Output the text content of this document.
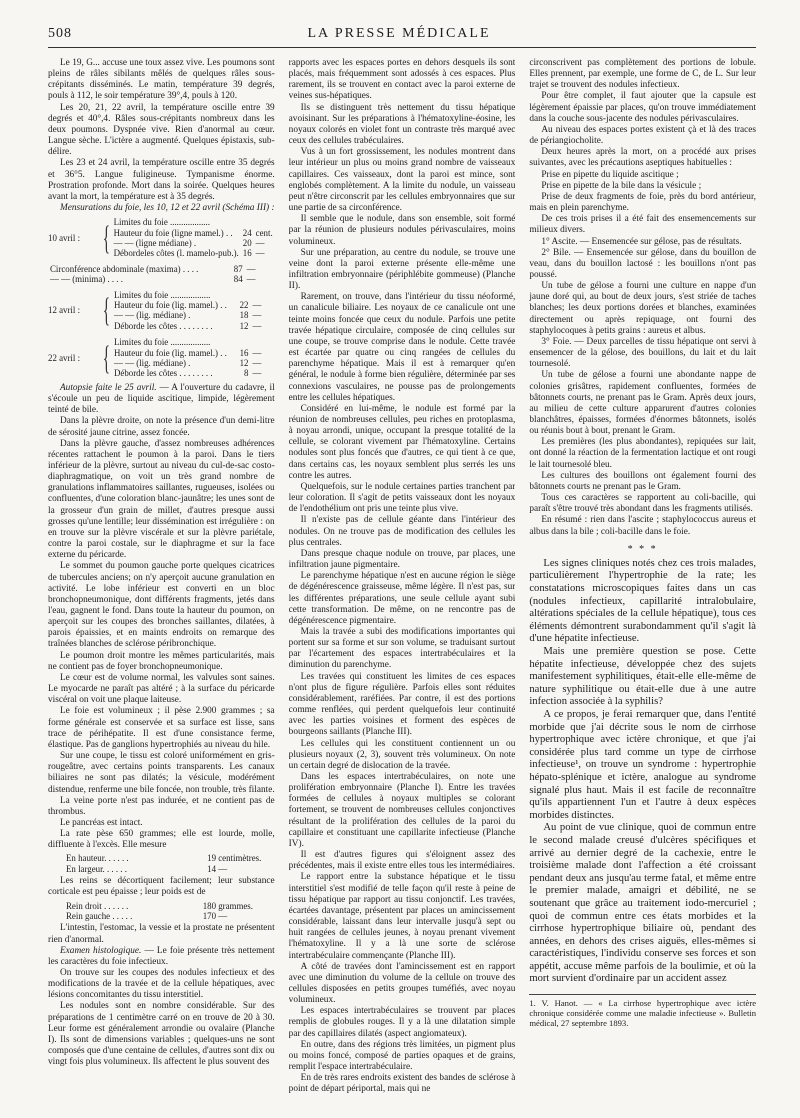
508	LA PRESSE MÉDICALE

Le 19, G... accuse une toux assez vive. Les poumons sont pleins de râles sibilants mêlés de quelques râles sous-crépitants disséminés. Le matin, température 39 degrés, pouls à 112, le soir température 39°,4, pouls à 120.

Les 20, 21, 22 avril, la température oscille entre 39 degrés et 40°,4. Râles sous-crépitants nombreux dans les deux poumons. Dyspnée vive. Rien d'anormal au cœur. Langue sèche. L'ictère a augmenté. Quelques épistaxis, sub-délire.

Les 23 et 24 avril, la température oscille entre 35 degrés et 36°5. Langue fuligineuse. Tympanisme énorme. Prostration profonde. Mort dans la soirée. Quelques heures avant la mort, la température est à 35 degrés.

Mensurations du foie, les 10, 12 et 22 avril (Schéma III) :

10 avril : { Limites du foie ..................		
Hauteur du foie (ligne mamel.) . .	24	cent.
— — (ligne médiane) .	20	—
Débordeles côtes (l. mamelo-pub.).	16	—
Circonférence abdominale (maxima) . . . .	87	—
— — (minima) . . . .	84	—
12 avril : { Limites du foie ..................		
Hauteur du foie (lig. mamel.) . .	22	—
— — (lig. médiane) .	18	—
Déborde les côtes . . . . . . . .	12	—
22 avril : { Limites du foie ..................		
Hauteur du foie (lig. mamel.) . .	16	—
— — (lig. médiane) .	12	—
Déborde les côtes . . . . . . . .	8	—

Autopsie faite le 25 avril. — A l'ouverture du cadavre, il s'écoule un peu de liquide ascitique, limpide, légèrement teinté de bile.

Dans la plèvre droite, on note la présence d'un demi-litre de sérosité jaune citrine, assez foncée.

Dans la plèvre gauche, d'assez nombreuses adhérences récentes rattachent le poumon à la paroi. Dans le tiers inférieur de la plèvre, surtout au niveau du cul-de-sac costo-diaphragmatique, on voit un très grand nombre de granulations inflammatoires saillantes, rugueuses, isolées ou confluentes, d'une coloration blanc-jaunâtre; les unes sont de la grosseur d'un grain de millet, d'autres presque aussi grosses qu'une lentille; leur dissémination est irrégulière : on en trouve sur la plèvre viscérale et sur la plèvre pariétale, contre la paroi costale, sur le diaphragme et sur la face externe du péricarde.

Le sommet du poumon gauche porte quelques cicatrices de tubercules anciens; on n'y aperçoit aucune granulation en activité. Le lobe inférieur est converti en un bloc bronchopneumonique, dont différents fragments, jetés dans l'eau, gagnent le fond. Dans toute la hauteur du poumon, on aperçoit sur les coupes des bronches saillantes, dilatées, à parois épaissies, et en maints endroits on remarque des traînées blanches de sclérose péribronchique.

Le poumon droit montre les mêmes particularités, mais ne contient pas de foyer bronchopneumonique.

Le cœur est de volume normal, les valvules sont saines. Le myocarde ne paraît pas altéré ; à la surface du péricarde viscéral on voit une plaque laiteuse.

Le foie est volumineux ; il pèse 2.900 grammes ; sa forme générale est conservée et sa surface est lisse, sans trace de périhépatite. Il est d'une consistance ferme, élastique. Pas de ganglions hypertrophiés au niveau du hile.

Sur une coupe, le tissu est coloré uniformément en gris-rougeâtre, avec certains points transparents. Les canaux biliaires ne sont pas dilatés; la vésicule, modérément distendue, renferme une bile foncée, non trouble, très filante.

La veine porte n'est pas indurée, et ne contient pas de thrombus.

Le pancréas est intact.

La rate pèse 650 grammes; elle est lourde, molle, diffluente à l'excès. Elle mesure

En hauteur. . . . . .	19 centimètres.
En largeur. . . . . .	14 —

Les reins se décortiquent facilement; leur substance corticale est peu épaisse ; leur poids est de

Rein droit . . . . . .	180 grammes.
Rein gauche . . . . .	170 —

L'intestin, l'estomac, la vessie et la prostate ne présentent rien d'anormal.

Examen histologique. — Le foie présente très nettement les caractères du foie infectieux.

On trouve sur les coupes des nodules infectieux et des modifications de la travée et de la cellule hépatiques, avec lésions concomitantes du tissu interstitiel.

Les nodules sont en nombre considérable. Sur des préparations de 1 centimètre carré on en trouve de 20 à 30. Leur forme est généralement arrondie ou ovalaire (Planche I). Ils sont de dimensions variables ; quelques-uns ne sont composés que d'une centaine de cellules, d'autres sont dix ou vingt fois plus volumineux. Ils affectent le plus souvent des

rapports avec les espaces portes en dehors desquels ils sont placés, mais fréquemment sont adossés à ces espaces. Plus rarement, ils se trouvent en contact avec la paroi externe de veines sus-hépatiques.

Ils se distinguent très nettement du tissu hépatique avoisinant. Sur les préparations à l'hématoxyline-éosine, les noyaux colorés en violet font un contraste très marqué avec ceux des cellules trabéculaires.

Vus à un fort grossissement, les nodules montrent dans leur intérieur un plus ou moins grand nombre de vaisseaux capillaires. Ces vaisseaux, dont la paroi est mince, sont englobés complètement. A la limite du nodule, un vaisseau peut n'être circonscrit par les cellules embryonnaires que sur une partie de sa circonférence.

Il semble que le nodule, dans son ensemble, soit formé par la réunion de plusieurs nodules périvasculaires, moins volumineux.

Sur une préparation, au centre du nodule, se trouve une veine dont la paroi externe présente elle-même une infiltration embryonnaire (périphlébite gommeuse) (Planche II).

Rarement, on trouve, dans l'intérieur du tissu néoformé, un canalicule biliaire. Les noyaux de ce canalicule ont une teinte moins foncée que ceux du nodule. Parfois une petite travée hépatique circulaire, composée de cinq cellules sur une coupe, se trouve comprise dans le nodule. Cette travée est écartée par quatre ou cinq rangées de cellules du parenchyme hépatique. Mais il est à remarquer qu'en général, le nodule à forme bien régulière, déterminée par ses connexions vasculaires, ne pousse pas de prolongements entre les cellules hépatiques.

Considéré en lui-même, le nodule est formé par la réunion de nombreuses cellules, peu riches en protoplasma, à noyau arrondi, unique, occupant la presque totalité de la cellule, se colorant vivement par l'hématoxyline. Certains nodules sont plus foncés que d'autres, ce qui tient à ce que, dans certains cas, les noyaux semblent plus serrés les uns contre les autres.

Quelquefois, sur le nodule certaines parties tranchent par leur coloration. Il s'agit de petits vaisseaux dont les noyaux de l'endothélium ont pris une teinte plus vive.

Il n'existe pas de cellule géante dans l'intérieur des nodules. On ne trouve pas de modification des cellules les plus centrales.

Dans presque chaque nodule on trouve, par places, une infiltration jaune pigmentaire.

Le parenchyme hépatique n'est en aucune région le siège de dégénérescence graisseuse, même légère. Il n'est pas, sur les différentes préparations, une seule cellule ayant subi cette transformation. De même, on ne rencontre pas de dégénérescence pigmentaire.

Mais la travée a subi des modifications importantes qui portent sur sa forme et sur son volume, se traduisant surtout par l'écartement des espaces intertrabéculaires et la diminution du parenchyme.

Les travées qui constituent les limites de ces espaces n'ont plus de figure régulière. Parfois elles sont réduites considérablement, raréfiées. Par contre, il est des portions comme renflées, qui perdent quelquefois leur continuité avec les parties voisines et forment des espèces de bourgeons saillants (Planche III).

Les cellules qui les constituent contiennent un ou plusieurs noyaux (2, 3), souvent très volumineux. On note un certain degré de dislocation de la travée.

Dans les espaces intertrabéculaires, on note une prolifération embryonnaire (Planche I). Entre les travées formées de cellules à noyaux multiples se colorant fortement, se trouvent de nombreuses cellules conjonctives résultant de la prolifération des cellules de la paroi du capillaire et constituant une capillarite infectieuse (Planche IV).

Il est d'autres figures qui s'éloignent assez des précédentes, mais il existe entre elles tous les intermédiaires.

Le rapport entre la substance hépatique et le tissu interstitiel s'est modifié de telle façon qu'il reste à peine de tissu hépatique par rapport au tissu conjonctif. Les travées, écartées davantage, présentent par places un amincissement considérable, laissant dans leur intervalle jusqu'à sept ou huit rangées de cellules jeunes, à noyau prenant vivement l'hématoxyline. Il y a là une sorte de sclérose intertrabéculaire commençante (Planche III).

A côté de travées dont l'amincissement est en rapport avec une diminution du volume de la cellule on trouve des cellules disposées en petits groupes tuméfiés, avec noyau volumineux.

Les espaces intertrabéculaires se trouvent par places remplis de globules rouges. Il y a là une dilatation simple par des capillaires dilatés (aspect angiomateux).

En outre, dans des régions très limitées, un pigment plus ou moins foncé, composé de parties opaques et de grains, remplit l'espace intertrabéculaire.

En de très rares endroits existent des bandes de sclérose à point de départ périportal, mais qui ne

circonscrivent pas complètement des portions de lobule. Elles prennent, par exemple, une forme de C, de L. Sur leur trajet se trouvent des nodules infectieux.

Pour être complet, il faut ajouter que la capsule est légèrement épaissie par places, qu'on trouve immédiatement dans la couche sous-jacente des nodules périvasculaires.

Au niveau des espaces portes existent çà et là des traces de périangiocholite.

Deux heures après la mort, on a procédé aux prises suivantes, avec les précautions aseptiques habituelles :

Prise en pipette du liquide ascitique ;

Prise en pipette de la bile dans la vésicule ;

Prise de deux fragments de foie, près du bord antérieur, mais en plein parenchyme.

De ces trois prises il a été fait des ensemencements sur milieux divers.

1° Ascite. — Ensemencée sur gélose, pas de résultats.

2° Bile. — Ensemencée sur gélose, dans du bouillon de veau, dans du bouillon lactosé : les bouillons n'ont pas poussé.

Un tube de gélose a fourni une culture en nappe d'un jaune doré qui, au bout de deux jours, s'est striée de taches blanches; les deux portions dorées et blanches, examinées directement ou après repiquage, ont fourni des staphylocoques à petits grains : aureus et albus.

3° Foie. — Deux parcelles de tissu hépatique ont servi à ensemencer de la gélose, des bouillons, du lait et du lait tournesolé.

Un tube de gélose a fourni une abondante nappe de colonies grisâtres, rapidement confluentes, formées de bâtonnets courts, ne prenant pas le Gram. Après deux jours, au milieu de cette culture apparurent d'autres colonies blanchâtres, épaisses, formées d'énormes bâtonnets, isolés ou réunis bout à bout, prenant le Gram.

Les premières (les plus abondantes), repiquées sur lait, ont donné la réaction de la fermentation lactique et ont rougi le lait tournesolé bleu.

Les cultures des bouillons ont également fourni des bâtonnets courts ne prenant pas le Gram.

Tous ces caractères se rapportent au coli-bacille, qui paraît s'être trouvé très abondant dans les fragments utilisés.

En résumé : rien dans l'ascite ; staphylococcus aureus et albus dans la bile ; coli-bacille dans le foie.

* * *

Les signes cliniques notés chez ces trois malades, particulièrement l'hypertrophie de la rate; les constatations microscopiques faites dans un cas (nodules infectieux, capillarité intralobulaire, altérations spéciales de la cellule hépatique), tous ces éléments démontrent surabondamment qu'il s'agit là d'une hépatite infectieuse.

Mais une première question se pose. Cette hépatite infectieuse, développée chez des sujets manifestement syphilitiques, était-elle elle-même de nature syphilitique ou était-elle due à une autre infection associée à la syphilis?

A ce propos, je ferai remarquer que, dans l'entité morbide que j'ai décrite sous le nom de cirrhose hypertrophique avec ictère chronique, et que j'ai considérée plus tard comme un type de cirrhose infectieuse¹, on trouve un syndrome : hypertrophie hépato-splénique et ictère, analogue au syndrome signalé plus haut. Mais il est facile de reconnaître qu'ils appartiennent l'un et l'autre à deux espèces morbides distinctes.

Au point de vue clinique, quoi de commun entre le second malade creusé d'ulcères spécifiques et arrivé au dernier degré de la cachexie, entre le troisième malade dont l'affection a été croissant pendant deux ans jusqu'au terme fatal, et même entre le premier malade, amaigri et débilité, ne se soutenant que grâce au traitement iodo-mercuriel ; quoi de commun entre ces états morbides et la cirrhose hypertrophique biliaire où, pendant des années, en dehors des crises aiguës, elles-mêmes si caractéristiques, l'individu conserve ses forces et son appétit, accuse même parfois de la boulimie, et où la mort survient d'ordinaire par un accident assez

1. V. Hanot. — « La cirrhose hypertrophique avec ictère chronique considérée comme une maladie infectieuse ». Bulletin médical, 27 septembre 1893.
